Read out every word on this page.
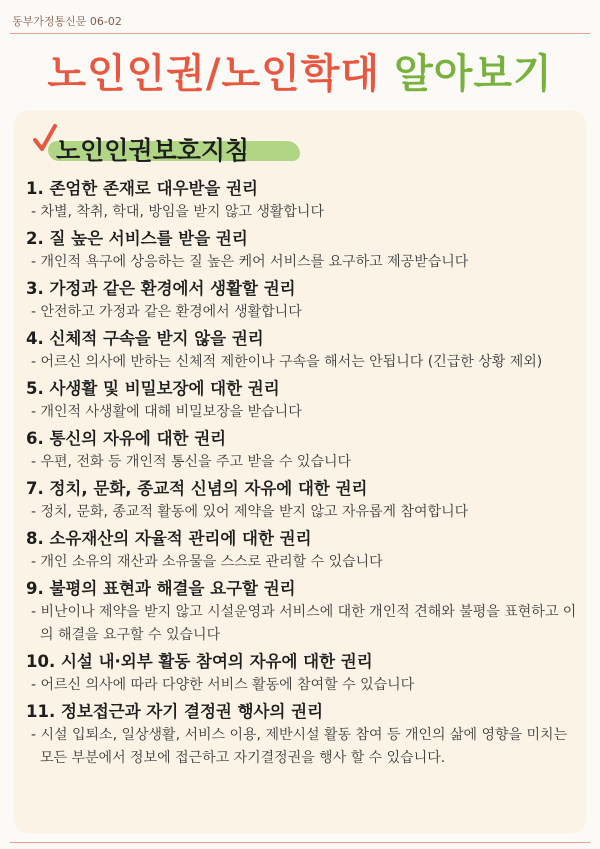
동부가정통신문 06-02
노인인권/노인학대 알아보기
노인인권보호지침
1. 존엄한 존재로 대우받을 권리
- 차별, 착취, 학대, 방임을 받지 않고 생활합니다
2. 질 높은 서비스를 받을 권리
- 개인적 욕구에 상응하는 질 높은 케어 서비스를 요구하고 제공받습니다
3. 가정과 같은 환경에서 생활할 권리
- 안전하고 가정과 같은 환경에서 생활합니다
4. 신체적 구속을 받지 않을 권리
- 어르신 의사에 반하는 신체적 제한이나 구속을 해서는 안됩니다 (긴급한 상황 제외)
5. 사생활 및 비밀보장에 대한 권리
- 개인적 사생활에 대해 비밀보장을 받습니다
6. 통신의 자유에 대한 권리
- 우편, 전화 등 개인적 통신을 주고 받을 수 있습니다
7. 정치, 문화, 종교적 신념의 자유에 대한 권리
- 정치, 문화, 종교적 활동에 있어 제약을 받지 않고 자유롭게 참여합니다
8. 소유재산의 자율적 관리에 대한 권리
- 개인 소유의 재산과 소유물을 스스로 관리할 수 있습니다
9. 불평의 표현과 해결을 요구할 권리
- 비난이나 제약을 받지 않고 시설운영과 서비스에 대한 개인적 견해와 불평을 표현하고 이의 해결을 요구할 수 있습니다
10. 시설 내·외부 활동 참여의 자유에 대한 권리
- 어르신 의사에 따라 다양한 서비스 활동에 참여할 수 있습니다
11. 정보접근과 자기 결정권 행사의 권리
- 시설 입퇴소, 일상생활, 서비스 이용, 제반시설 활동 참여 등 개인의 삶에 영향을 미치는 모든 부분에서 정보에 접근하고 자기결정권을 행사 할 수 있습니다.
